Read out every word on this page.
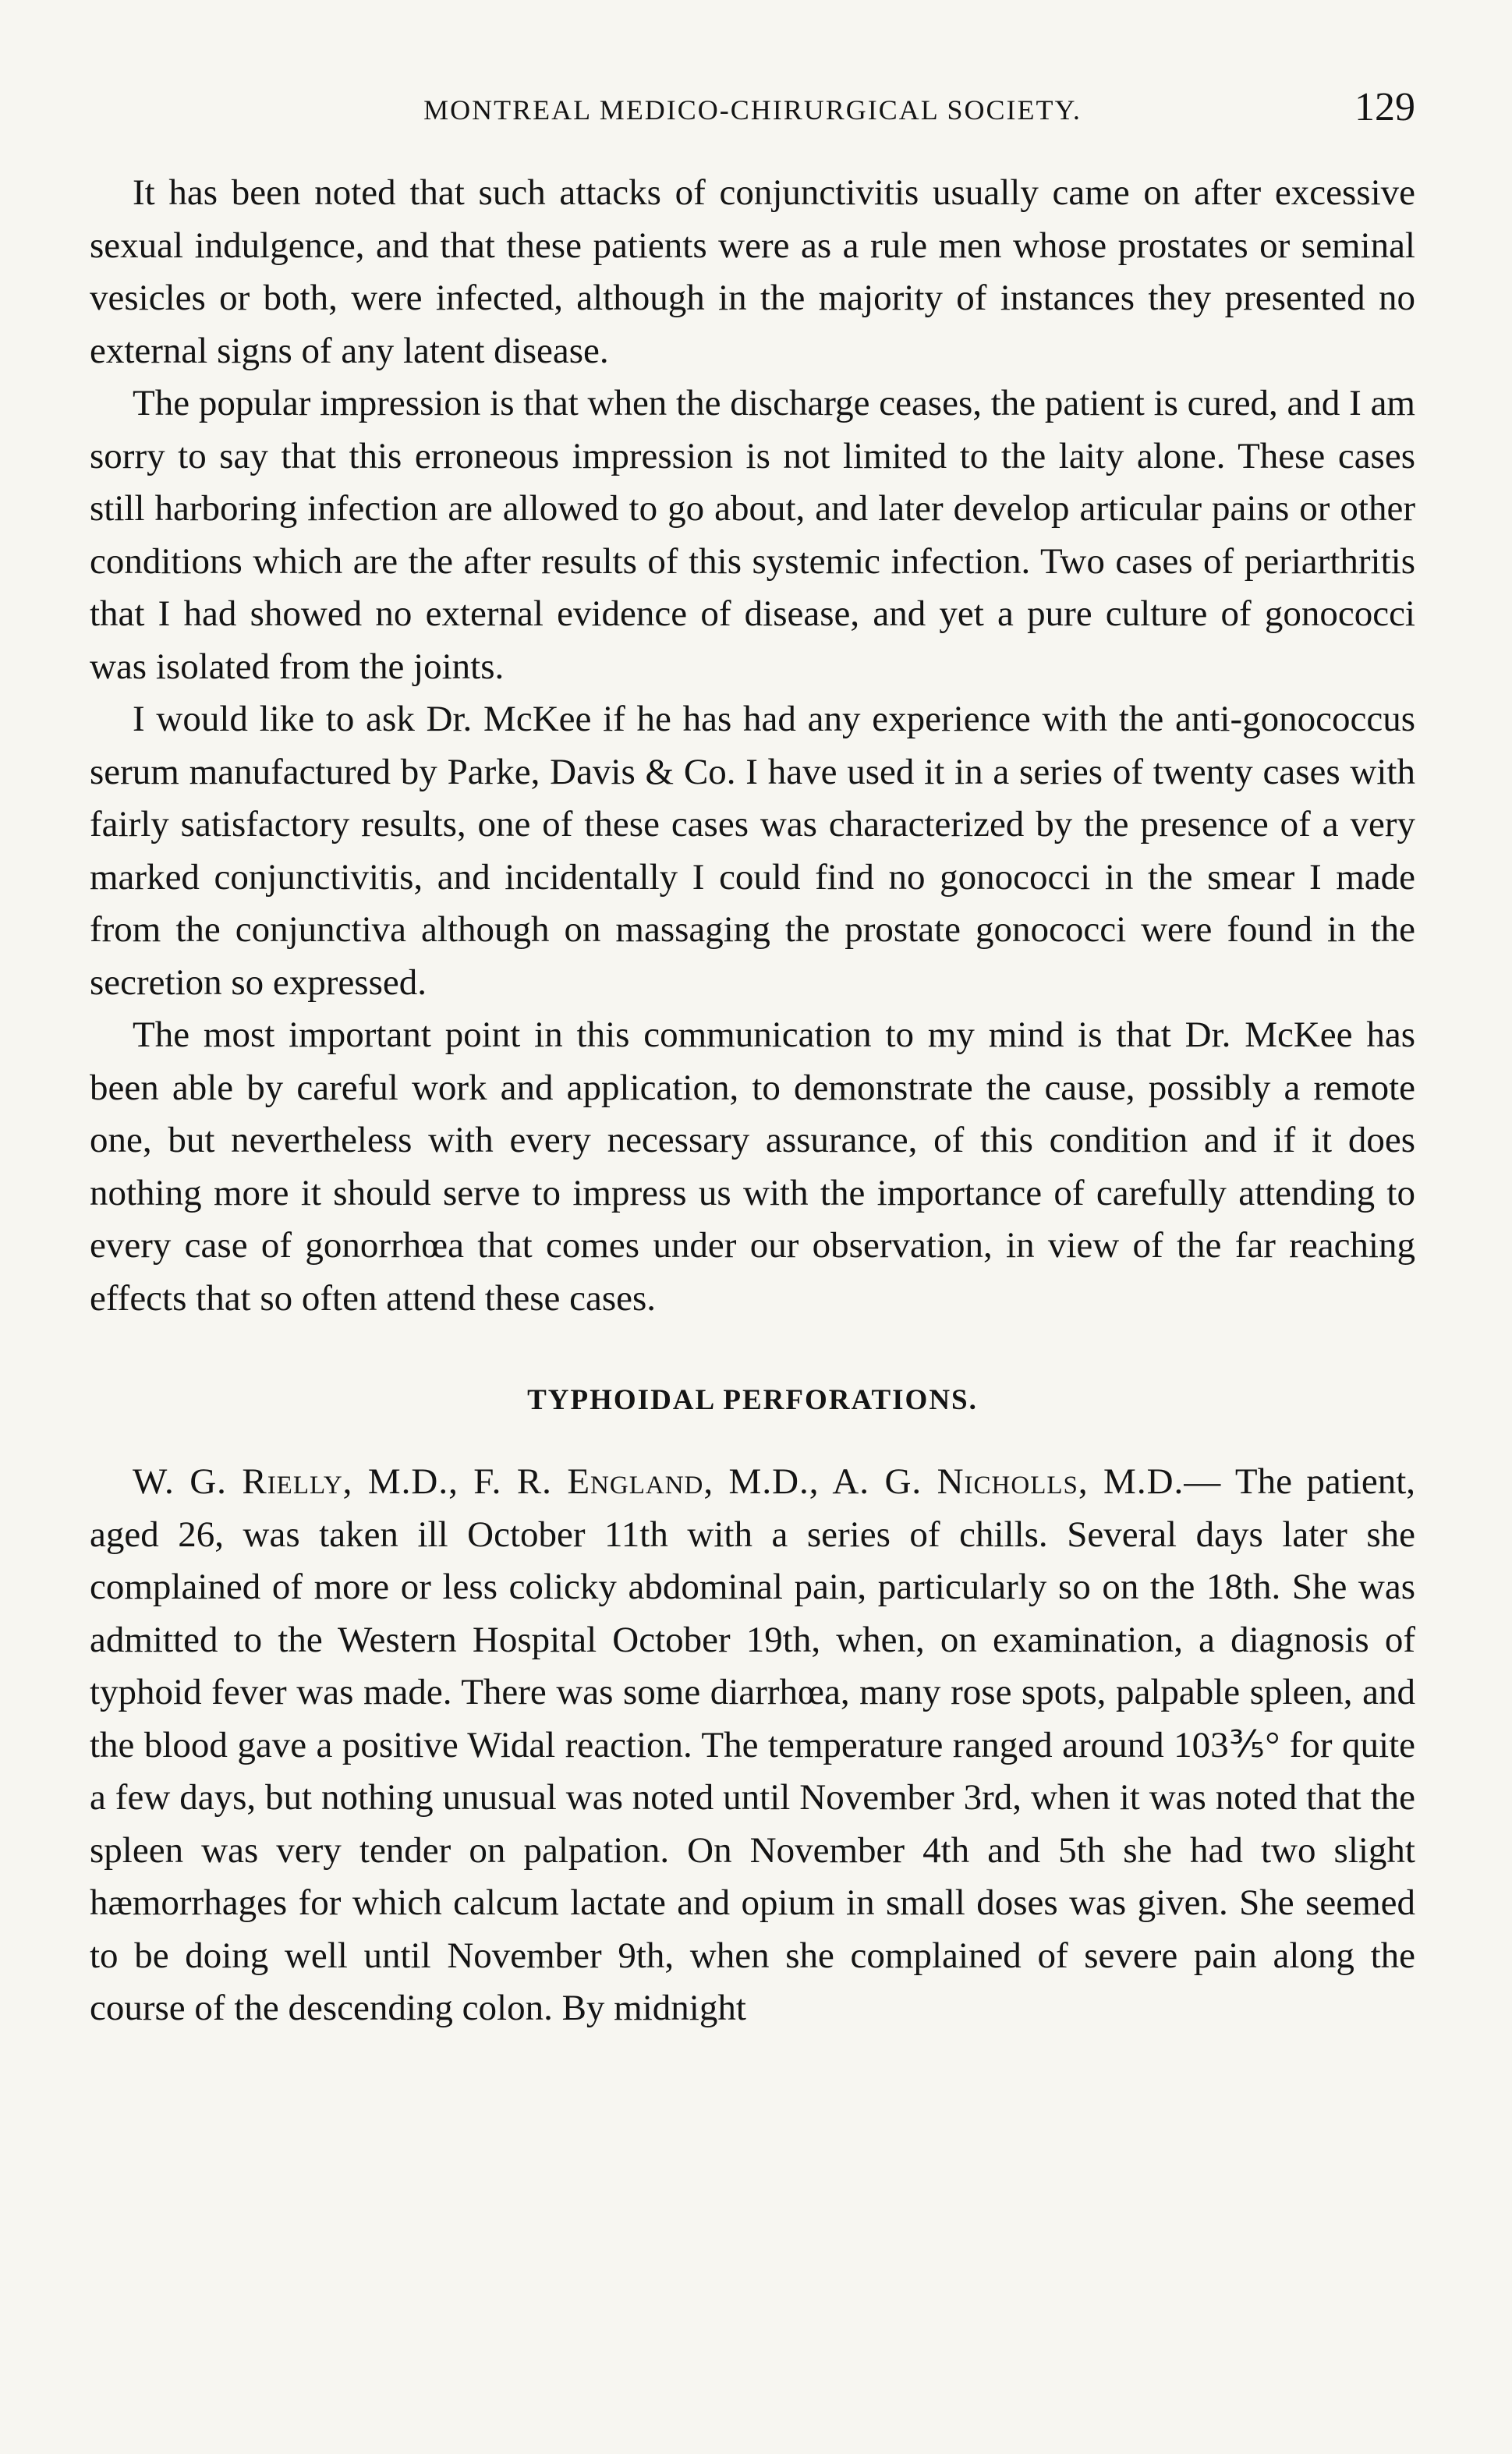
MONTREAL MEDICO-CHIRURGICAL SOCIETY.	129

It has been noted that such attacks of conjunctivitis usually came on after excessive sexual indulgence, and that these patients were as a rule men whose prostates or seminal vesicles or both, were infected, although in the majority of instances they presented no external signs of any latent disease.

The popular impression is that when the discharge ceases, the patient is cured, and I am sorry to say that this erroneous impression is not limited to the laity alone. These cases still harboring infection are allowed to go about, and later develop articular pains or other conditions which are the after results of this systemic infection. Two cases of periarthritis that I had showed no external evidence of disease, and yet a pure culture of gonococci was isolated from the joints.

I would like to ask Dr. McKee if he has had any experience with the anti-gonococcus serum manufactured by Parke, Davis & Co. I have used it in a series of twenty cases with fairly satisfactory results, one of these cases was characterized by the presence of a very marked conjunctivitis, and incidentally I could find no gonococci in the smear I made from the conjunctiva although on massaging the prostate gonococci were found in the secretion so expressed.

The most important point in this communication to my mind is that Dr. McKee has been able by careful work and application, to demonstrate the cause, possibly a remote one, but nevertheless with every necessary assurance, of this condition and if it does nothing more it should serve to impress us with the importance of carefully attending to every case of gonorrhœa that comes under our observation, in view of the far reaching effects that so often attend these cases.

TYPHOIDAL PERFORATIONS.

W. G. Rielly, M.D., F. R. England, M.D., A. G. Nicholls, M.D.— The patient, aged 26, was taken ill October 11th with a series of chills. Several days later she complained of more or less colicky abdominal pain, particularly so on the 18th. She was admitted to the Western Hospital October 19th, when, on examination, a diagnosis of typhoid fever was made. There was some diarrhœa, many rose spots, palpable spleen, and the blood gave a positive Widal reaction. The temperature ranged around 103⅗° for quite a few days, but nothing unusual was noted until November 3rd, when it was noted that the spleen was very tender on palpation. On November 4th and 5th she had two slight hæmorrhages for which calcum lactate and opium in small doses was given. She seemed to be doing well until November 9th, when she complained of severe pain along the course of the descending colon. By midnight
